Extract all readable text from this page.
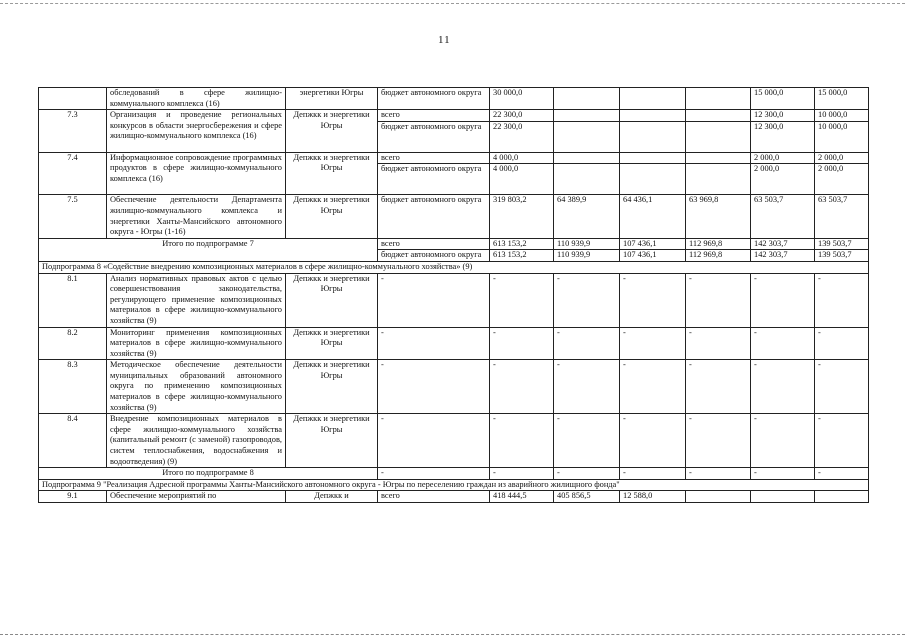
11
	обследований в сфере жилищно-коммунального комплекса (16)	энергетики Югры	бюджет автономного округа	30 000,0				15 000,0	15 000,0
7.3	Организация и проведение региональных конкурсов в области энергосбережения и сфере жилищно-коммунального комплекса (16)	Депжкк и энергетики Югры	всего	22 300,0				12 300,0	10 000,0
			бюджет автономного округа	22 300,0				12 300,0	10 000,0
7.4	Информационное сопровождение программных продуктов в сфере жилищно-коммунального комплекса (16)	Депжкк и энергетики Югры	всего	4 000,0				2 000,0	2 000,0
			бюджет автономного округа	4 000,0				2 000,0	2 000,0
7.5	Обеспечение деятельности Департамента жилищно-коммунального комплекса и энергетики Ханты-Мансийского автономного округа - Югры (1-16)	Депжкк и энергетики Югры	бюджет автономного округа	319 803,2	64 389,9	64 436,1	63 969,8	63 503,7	63 503,7
Итого по подпрограмме 7			всего	613 153,2	110 939,9	107 436,1	112 969,8	142 303,7	139 503,7
			бюджет автономного округа	613 153,2	110 939,9	107 436,1	112 969,8	142 303,7	139 503,7
Подпрограмма 8 «Содействие внедрению композиционных материалов в сфере жилищно-коммунального хозяйства» (9)									
8.1	Анализ нормативных правовых актов с целью совершенствования законодательства, регулирующего применение композиционных материалов в сфере жилищно-коммунального хозяйства (9)	Депжкк и энергетики Югры	-	-	-	-	-	-	-
8.2	Мониторинг применения композиционных материалов в сфере жилищно-коммунального хозяйства (9)	Депжкк и энергетики Югры	-	-	-	-	-	-	-
8.3	Методическое обеспечение деятельности муниципальных образований автономного округа по применению композиционных материалов в сфере жилищно-коммунального хозяйства (9)	Депжкк и энергетики Югры	-	-	-	-	-	-	-
8.4	Внедрение композиционных материалов в сфере жилищно-коммунального хозяйства (капитальный ремонт (с заменой) газопроводов, систем теплоснабжения, водоснабжения и водоотведения) (9)	Депжкк и энергетики Югры	-	-	-	-	-	-	-
Итого по подпрограмме 8			-	-	-	-	-	-	-
Подпрограмма 9 "Реализация Адресной программы Ханты-Мансийского автономного округа - Югры по переселению граждан из аварийного жилищного фонда"									
9.1	Обеспечение мероприятий по	Депжкк и	всего	418 444,5	405 856,5	12 588,0			
